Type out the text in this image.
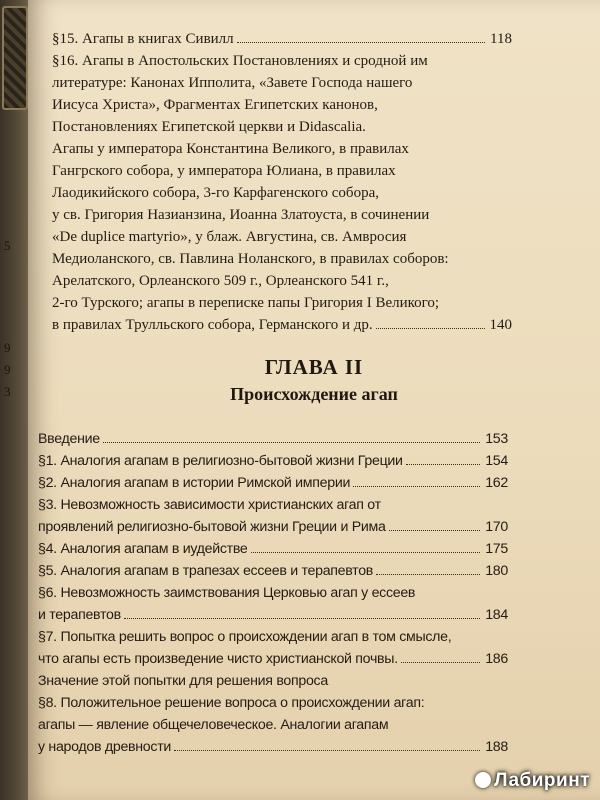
5
9
9
3
§15. Агапы в книгах Сивилл	118
§16. Агапы в Апостольских Постановлениях и сродной им
литературе: Канонах Ипполита, «Завете Господа нашего
Иисуса Христа», Фрагментах Египетских канонов,
Постановлениях Египетской церкви и Didascalia.
Агапы у императора Константина Великого, в правилах
Гангрского собора, у императора Юлиана, в правилах
Лаодикийского собора, 3-го Карфагенского собора,
у св. Григория Назианзина, Иоанна Златоуста, в сочинении
«De duplice martyrio», у блаж. Августина, св. Амвросия
Медиоланского, св. Павлина Ноланского, в правилах соборов:
Арелатского, Орлеанского 509 г., Орлеанского 541 г.,
2-го Турского; агапы в переписке папы Григория I Великого;
в правилах Трулльского собора, Германского и др.	140
ГЛАВА II
Происхождение агап
Введение	153
§1. Аналогия агапам в религиозно-бытовой жизни Греции	154
§2. Аналогия агапам в истории Римской империи	162
§3. Невозможность зависимости христианских агап от
проявлений религиозно-бытовой жизни Греции и Рима	170
§4. Аналогия агапам в иудействе	175
§5. Аналогия агапам в трапезах ессеев и терапевтов	180
§6. Невозможность заимствования Церковью агап у ессеев
и терапевтов	184
§7. Попытка решить вопрос о происхождении агап в том смысле,
что агапы есть произведение чисто христианской почвы.	186
Значение этой попытки для решения вопроса
§8. Положительное решение вопроса о происхождении агап:
агапы — явление общечеловеческое. Аналогии агапам
у народов древности	188
Лабиринт
